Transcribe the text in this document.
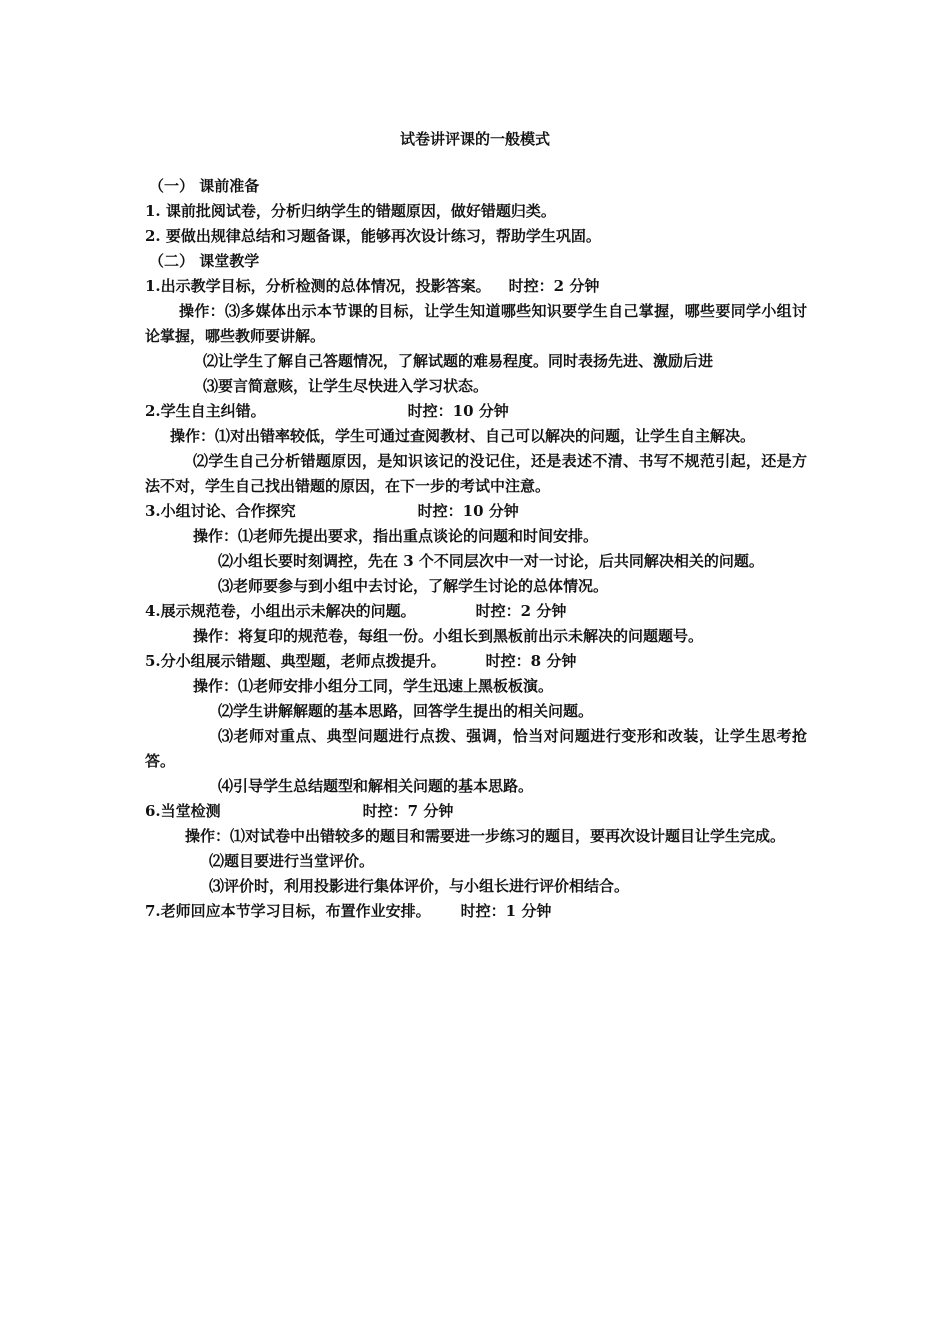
试卷讲评课的一般模式
（一） 课前准备
1. 课前批阅试卷，分析归纳学生的错题原因，做好错题归类。
2. 要做出规律总结和习题备课，能够再次设计练习，帮助学生巩固。
（二） 课堂教学
1.出示教学目标，分析检测的总体情况，投影答案。 时控：2 分钟
操作：⑶多媒体出示本节课的目标，让学生知道哪些知识要学生自己掌握，哪些要同学小组讨论掌握，哪些教师要讲解。
⑵让学生了解自己答题情况，了解试题的难易程度。同时表扬先进、激励后进
⑶要言简意赅，让学生尽快进入学习状态。
2.学生自主纠错。	时控：10 分钟
操作：⑴对出错率较低，学生可通过查阅教材、自己可以解决的问题，让学生自主解决。
⑵学生自己分析错题原因，是知识该记的没记住，还是表述不清、书写不规范引起，还是方法不对，学生自己找出错题的原因，在下一步的考试中注意。
3.小组讨论、合作探究	时控：10 分钟
操作：⑴老师先提出要求，指出重点谈论的问题和时间安排。
⑵小组长要时刻调控，先在 3 个不同层次中一对一讨论，后共同解决相关的问题。
⑶老师要参与到小组中去讨论，了解学生讨论的总体情况。
4.展示规范卷，小组出示未解决的问题。	时控：2 分钟
操作：将复印的规范卷，每组一份。小组长到黑板前出示未解决的问题题号。
5.分小组展示错题、典型题，老师点拨提升。	时控：8 分钟
操作：⑴老师安排小组分工同，学生迅速上黑板板演。
⑵学生讲解解题的基本思路，回答学生提出的相关问题。
⑶老师对重点、典型问题进行点拨、强调，恰当对问题进行变形和改装，让学生思考抢答。
⑷引导学生总结题型和解相关问题的基本思路。
6.当堂检测	时控：7 分钟
操作：⑴对试卷中出错较多的题目和需要进一步练习的题目，要再次设计题目让学生完成。
⑵题目要进行当堂评价。
⑶评价时，利用投影进行集体评价，与小组长进行评价相结合。
7.老师回应本节学习目标，布置作业安排。 时控：1 分钟
